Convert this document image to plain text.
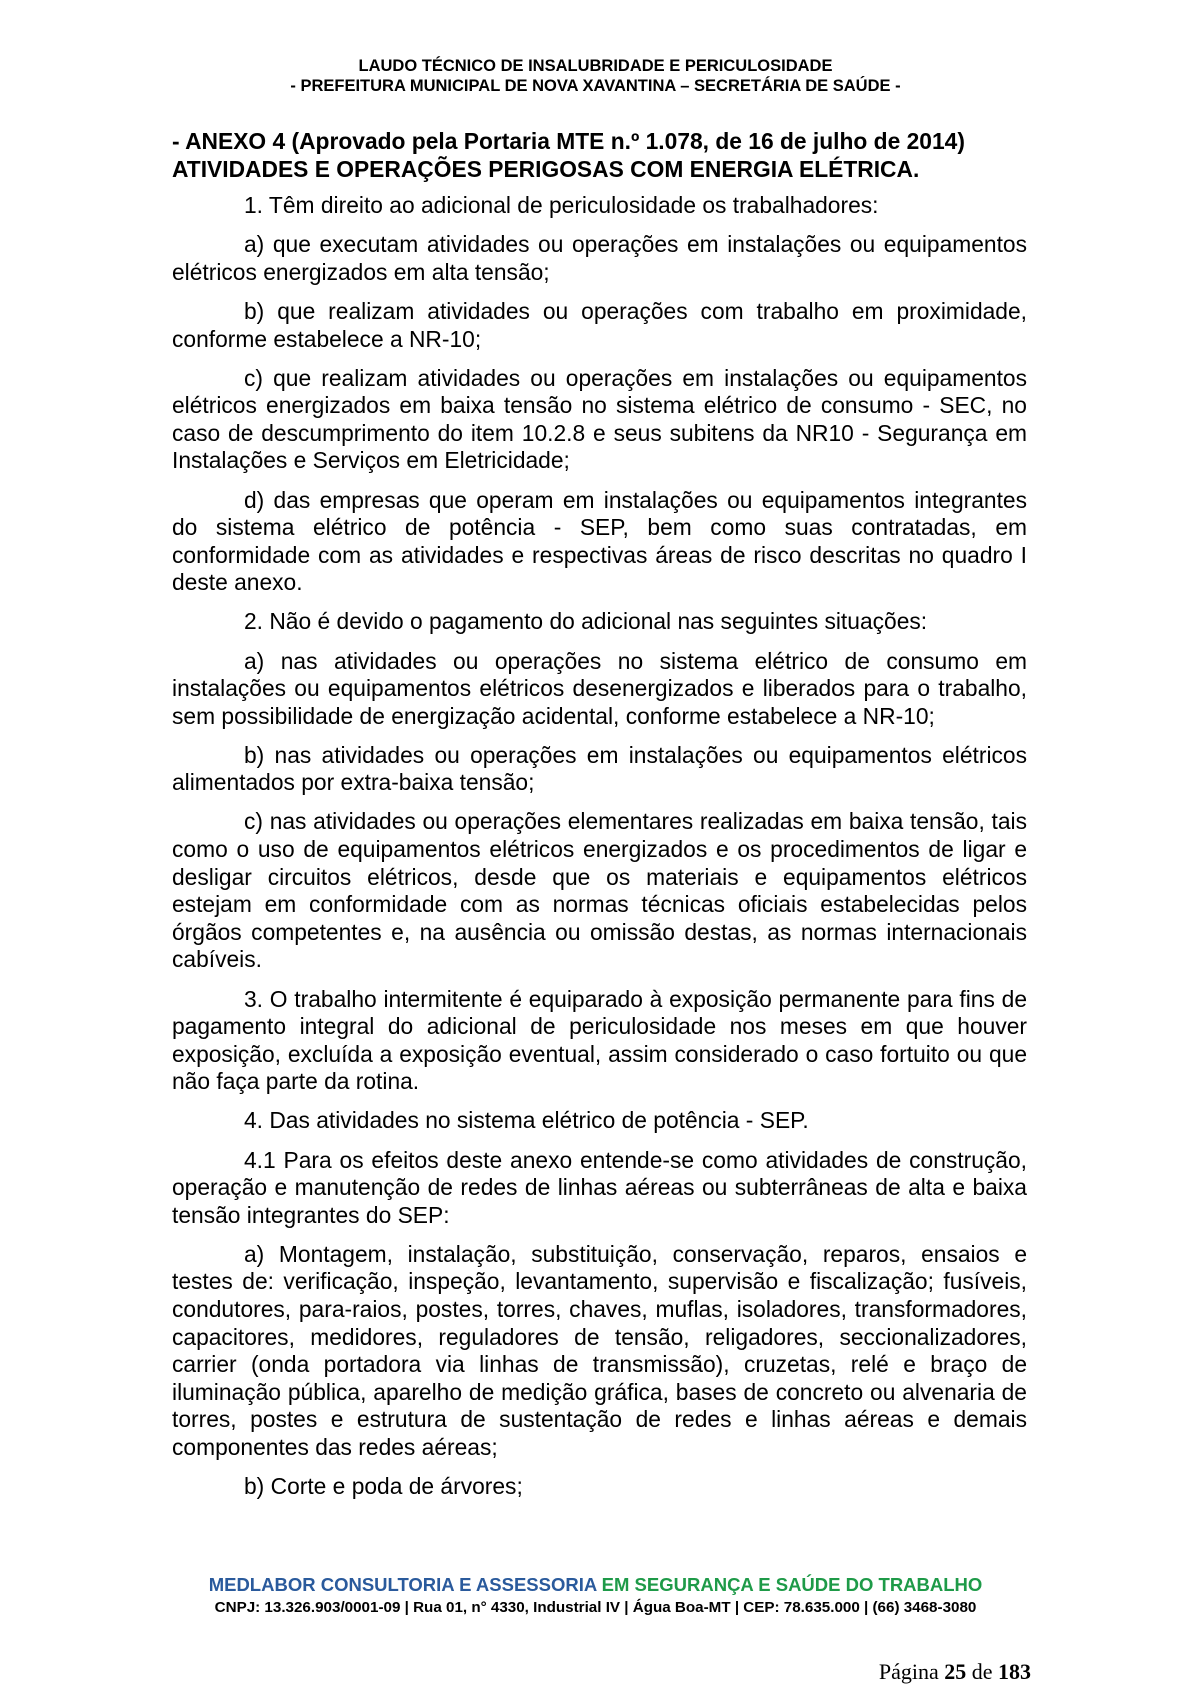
LAUDO TÉCNICO DE INSALUBRIDADE E PERICULOSIDADE
- PREFEITURA MUNICIPAL DE NOVA XAVANTINA – SECRETÁRIA DE SAÚDE -
- ANEXO 4 (Aprovado pela Portaria MTE n.º 1.078, de 16 de julho de 2014)
ATIVIDADES E OPERAÇÕES PERIGOSAS COM ENERGIA ELÉTRICA.

1. Têm direito ao adicional de periculosidade os trabalhadores:

a) que executam atividades ou operações em instalações ou equipamentos elétricos energizados em alta tensão;

b) que realizam atividades ou operações com trabalho em proximidade, conforme estabelece a NR-10;

c) que realizam atividades ou operações em instalações ou equipamentos elétricos energizados em baixa tensão no sistema elétrico de consumo - SEC, no caso de descumprimento do item 10.2.8 e seus subitens da NR10 - Segurança em Instalações e Serviços em Eletricidade;

d) das empresas que operam em instalações ou equipamentos integrantes do sistema elétrico de potência - SEP, bem como suas contratadas, em conformidade com as atividades e respectivas áreas de risco descritas no quadro I deste anexo.

2. Não é devido o pagamento do adicional nas seguintes situações:

a) nas atividades ou operações no sistema elétrico de consumo em instalações ou equipamentos elétricos desenergizados e liberados para o trabalho, sem possibilidade de energização acidental, conforme estabelece a NR-10;

b) nas atividades ou operações em instalações ou equipamentos elétricos alimentados por extra-baixa tensão;

c) nas atividades ou operações elementares realizadas em baixa tensão, tais como o uso de equipamentos elétricos energizados e os procedimentos de ligar e desligar circuitos elétricos, desde que os materiais e equipamentos elétricos estejam em conformidade com as normas técnicas oficiais estabelecidas pelos órgãos competentes e, na ausência ou omissão destas, as normas internacionais cabíveis.

3. O trabalho intermitente é equiparado à exposição permanente para fins de pagamento integral do adicional de periculosidade nos meses em que houver exposição, excluída a exposição eventual, assim considerado o caso fortuito ou que não faça parte da rotina.

4. Das atividades no sistema elétrico de potência - SEP.

4.1 Para os efeitos deste anexo entende-se como atividades de construção, operação e manutenção de redes de linhas aéreas ou subterrâneas de alta e baixa tensão integrantes do SEP:

a) Montagem, instalação, substituição, conservação, reparos, ensaios e testes de: verificação, inspeção, levantamento, supervisão e fiscalização; fusíveis, condutores, para-raios, postes, torres, chaves, muflas, isoladores, transformadores, capacitores, medidores, reguladores de tensão, religadores, seccionalizadores, carrier (onda portadora via linhas de transmissão), cruzetas, relé e braço de iluminação pública, aparelho de medição gráfica, bases de concreto ou alvenaria de torres, postes e estrutura de sustentação de redes e linhas aéreas e demais componentes das redes aéreas;

b) Corte e poda de árvores;

MEDLABOR CONSULTORIA E ASSESSORIA EM SEGURANÇA E SAÚDE DO TRABALHO
CNPJ: 13.326.903/0001-09 | Rua 01, n° 4330, Industrial IV | Água Boa-MT | CEP: 78.635.000 | (66) 3468-3080
Página 25 de 183
